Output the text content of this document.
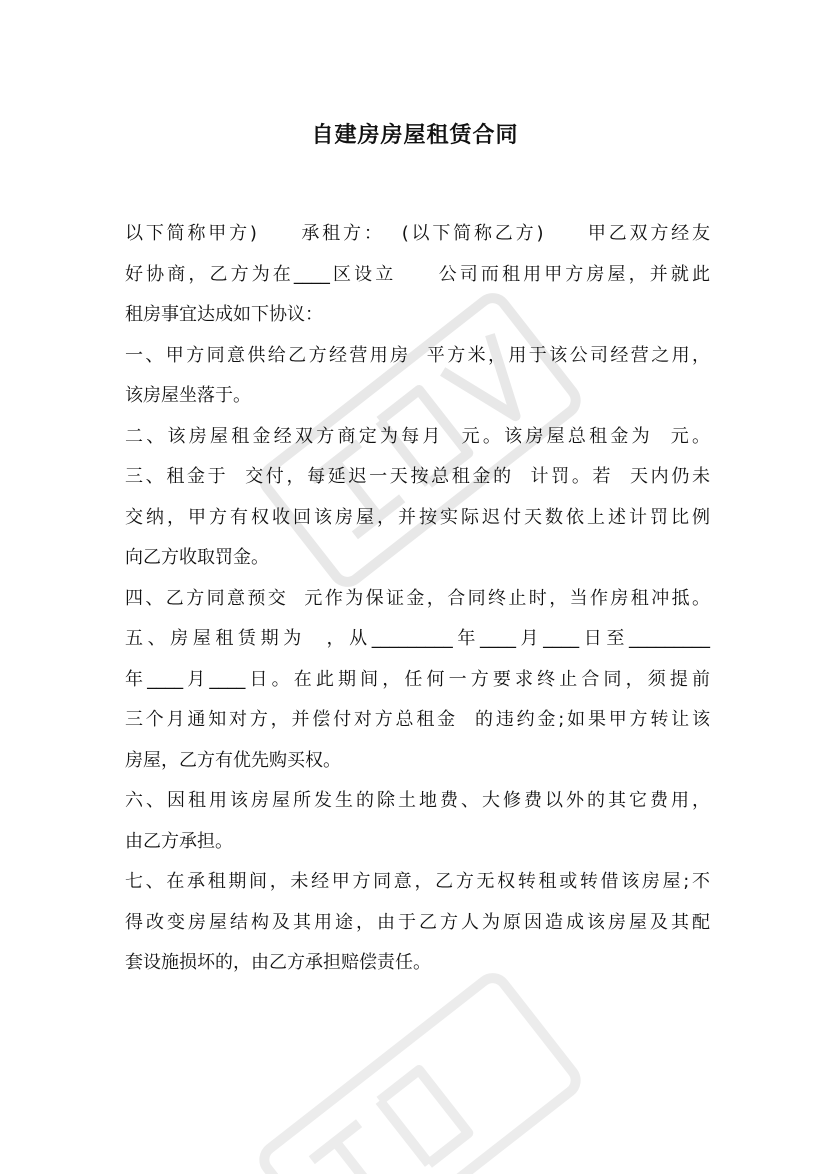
自建房房屋租赁合同
以下简称甲方)　　承租方：  (以下简称乙方)　　甲乙双方经友
好协商，乙方为在____区设立　　公司而租用甲方房屋，并就此
租房事宜达成如下协议：
一、甲方同意供给乙方经营用房  平方米，用于该公司经营之用，
该房屋坐落于。
二、该房屋租金经双方商定为每月  元。该房屋总租金为  元。
三、租金于  交付，每延迟一天按总租金的  计罚。若  天内仍未
交纳，甲方有权收回该房屋，并按实际迟付天数依上述计罚比例
向乙方收取罚金。
四、乙方同意预交  元作为保证金，合同终止时，当作房租冲抵。
五、房屋租赁期为  ，从_________年____月____日至_________
年____月____日。在此期间，任何一方要求终止合同，须提前
三个月通知对方，并偿付对方总租金  的违约金;如果甲方转让该
房屋，乙方有优先购买权。
六、因租用该房屋所发生的除土地费、大修费以外的其它费用，
由乙方承担。
七、在承租期间，未经甲方同意，乙方无权转租或转借该房屋;不
得改变房屋结构及其用途，由于乙方人为原因造成该房屋及其配
套设施损坏的，由乙方承担赔偿责任。
